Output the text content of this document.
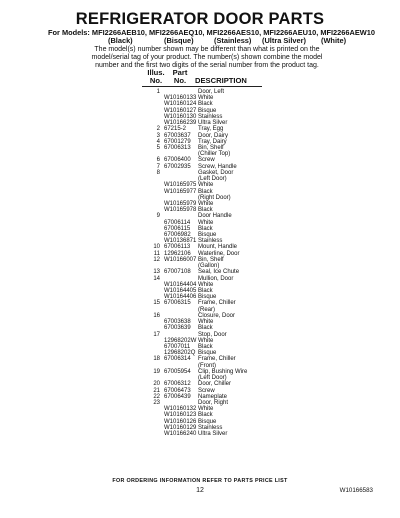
REFRIGERATOR DOOR PARTS
For Models: MFI2266AEB10, MFI2266AEQ10, MFI2266AES10, MFI2266AEU10, MFI2266AEW10
(Black)	(Bisque)	(Stainless) (Ultra Silver) (White)
The model(s) number shown may be different than what is printed on the model/serial tag of your product. The number(s) shown combine the model number and the first two digits of the serial number from the product tag.
Illus.
No.
Part
No.	DESCRIPTION
1	Door, Left
W10160133 White
W10160124 Black
W10160127 Bisque
W10160130 Stainless
W10166239 Ultra Silver
2 67215-2 Tray, Egg
3 67003637 Door, Dairy
4 67001279 Tray, Dairy
5 67006313 Bin, Shelf
(Chiller Top)
6 67006400 Screw
7 67002935 Screw, Handle
8	Gasket, Door
(Left Door)
W10165975 White
W10165977 Black
(Right Door)
W10165979 White
W10165978 Black
9	Door Handle
67006114 White
67006115 Black
67006982 Bisque
W10136871 Stainless
10 67006113 Mount, Handle
11 12962106 Waterline, Door
12 W10166007 Bin, Shelf
(Gallon)
13 67007108 Seal, Ice Chute
14	Mullion, Door
W10164404 White
W10164405 Black
W10164406 Bisque
15 67006315 Frame, Chiller
(Rear)
16	Closure, Door
67003638 White
67003639 Black
17	Stop, Door
12968202W White
67007011 Black
12968202Q Bisque
18 67006314 Frame, Chiller
(Front)
19 67005954 Clip, Bushing Wire
(Left Door)
20 67006312 Door, Chiller
21 67006473 Screw
22 67006439 Nameplate
23	Door, Right
W10160132 White
W10160123 Black
W10160126 Bisque
W10160129 Stainless
W10166240 Ultra Silver
FOR ORDERING INFORMATION REFER TO PARTS PRICE LIST
12	W10166583
